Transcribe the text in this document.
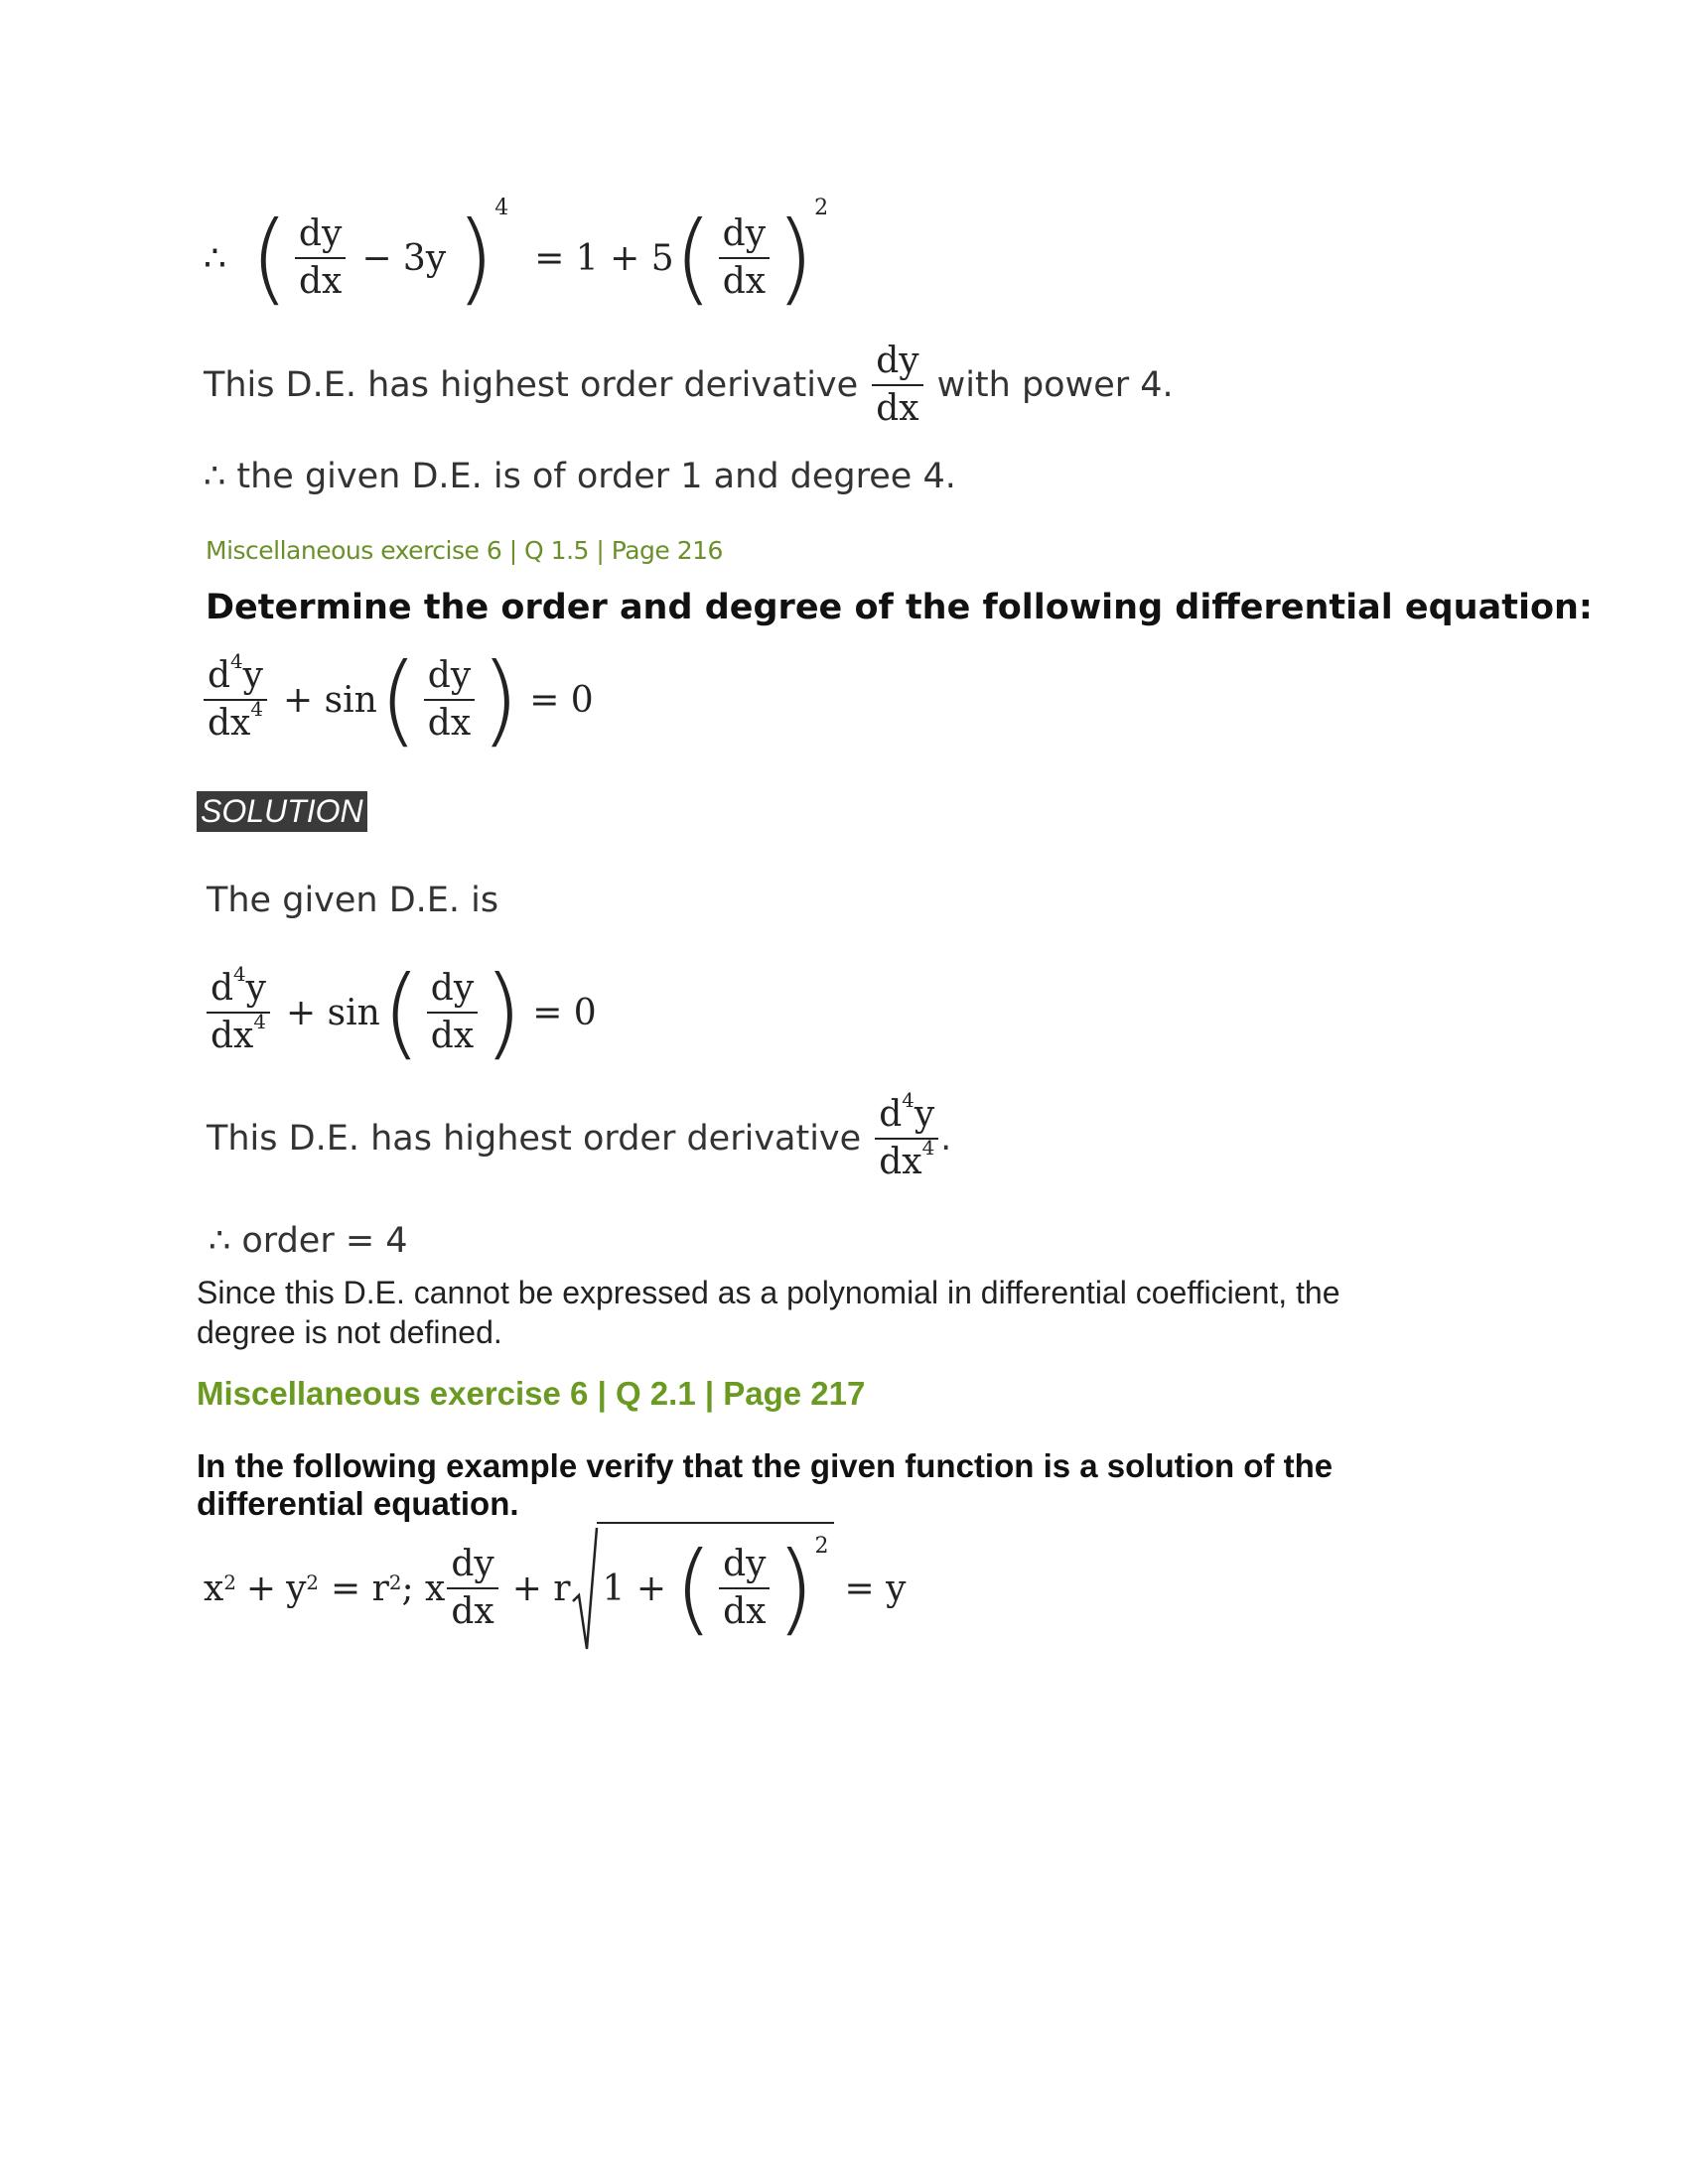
∴ ( $\frac{dy}{dx} - 3y$ ) 4
= 1 + 5 ( $\frac{dy}{dx}$ ) 2
This D.E. has highest order derivative $\frac{dy}{dx}$ with power 4.
∴ the given D.E. is of order 1 and degree 4.
Miscellaneous exercise 6 | Q 1.5 | Page 216
Determine the order and degree of the following differential equation:
$\frac{d^4y}{dx^4} + \sin$ ( $\frac{dy}{dx}$ ) = 0
SOLUTION
The given D.E. is
$\frac{d^4y}{dx^4} + \sin$ ( $\frac{dy}{dx}$ ) = 0
This D.E. has highest order derivative $\frac{d^4y}{dx^4}$ .
∴ order = 4
Since this D.E. cannot be expressed as a polynomial in differential coefficient, the degree is not defined.
Miscellaneous exercise 6 | Q 2.1 | Page 217
In the following example verify that the given function is a solution of the differential equation.
$x^2 + y^2 = r^2$ ; x $\frac{dy}{dx} + r$ 1 + ( $\frac{dy}{dx}$ ) 2
= y
